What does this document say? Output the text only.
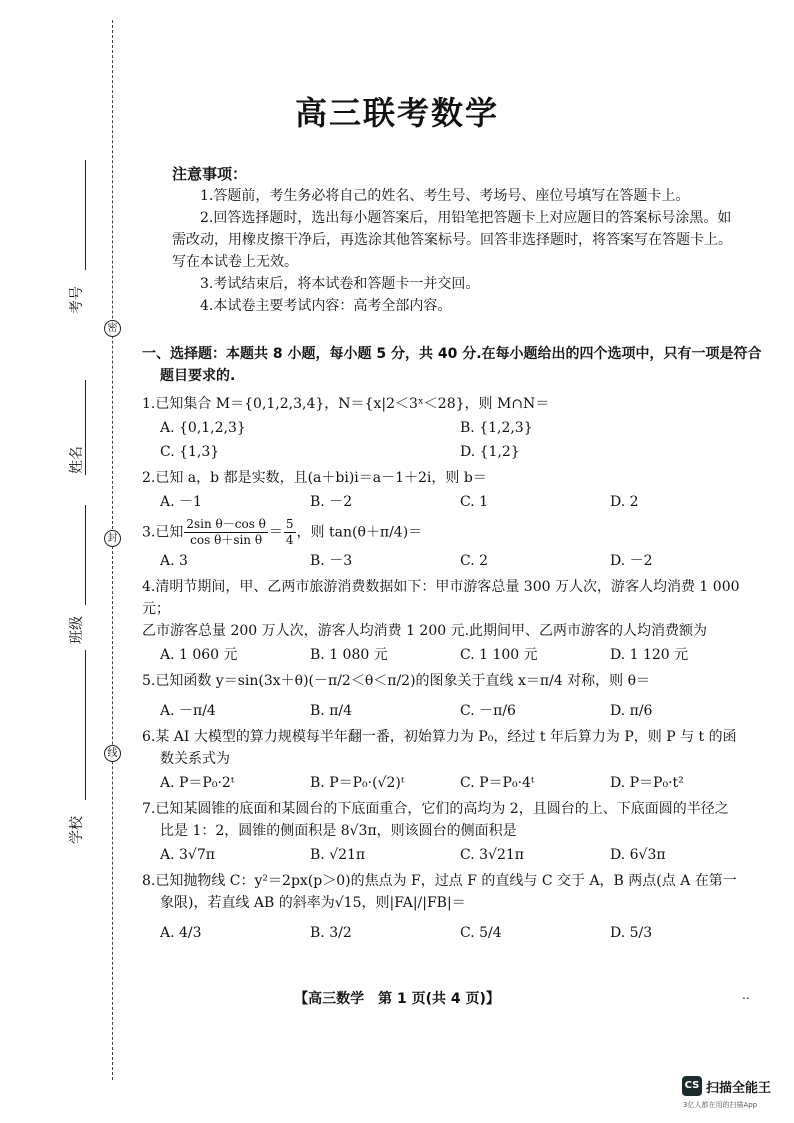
考号
姓名
班级
学校
密
封
线
高三联考数学
注意事项：

1.答题前，考生务必将自己的姓名、考生号、考场号、座位号填写在答题卡上。

2.回答选择题时，选出每小题答案后，用铅笔把答题卡上对应题目的答案标号涂黑。如需改动，用橡皮擦干净后，再选涂其他答案标号。回答非选择题时，将答案写在答题卡上。写在本试卷上无效。

3.考试结束后，将本试卷和答题卡一并交回。

4.本试卷主要考试内容：高考全部内容。

一、选择题：本题共 8 小题，每小题 5 分，共 40 分.在每小题给出的四个选项中，只有一项是符合
题目要求的.
1.已知集合 M＝{0,1,2,3,4}，N＝{x|2＜3ˣ＜28}，则 M∩N＝
A. {0,1,2,3}	B. {1,2,3}
C. {1,3}	D. {1,2}
2.已知 a，b 都是实数，且(a＋bi)i＝a－1＋2i，则 b＝
A. －1	B. －2	C. 1	D. 2
3.已知 $\frac{\text{2sin θ－cos θ}}{\text{cos θ＋sin θ}} = \frac{5}{4}$ ，则 tan(θ＋π/4)＝
A. 3	B. －3	C. 2	D. －2
4.清明节期间，甲、乙两市旅游消费数据如下：甲市游客总量 300 万人次，游客人均消费 1 000 元；
乙市游客总量 200 万人次，游客人均消费 1 200 元.此期间甲、乙两市游客的人均消费额为
A. 1 060 元	B. 1 080 元	C. 1 100 元	D. 1 120 元
5.已知函数 y＝sin(3x＋θ)(－π/2＜θ＜π/2)的图象关于直线 x＝π/4 对称，则 θ＝
A. －π/4	B. π/4	C. －π/6	D. π/6
6.某 AI 大模型的算力规模每半年翻一番，初始算力为 P₀，经过 t 年后算力为 P，则 P 与 t 的函
数关系式为
A. P＝P₀·2ᵗ	B. P＝P₀·(√2)ᵗ	C. P＝P₀·4ᵗ	D. P＝P₀·t²
7.已知某圆锥的底面和某圆台的下底面重合，它们的高均为 2，且圆台的上、下底面圆的半径之
比是 1：2，圆锥的侧面积是 8√3π，则该圆台的侧面积是
A. 3√7π	B. √21π	C. 3√21π	D. 6√3π
8.已知抛物线 C：y²＝2px(p＞0)的焦点为 F，过点 F 的直线与 C 交于 A，B 两点(点 A 在第一
象限)，若直线 AB 的斜率为√15，则|FA|/|FB|＝
A. 4/3	B. 3/2	C. 5/4	D. 5/3
【高三数学　第 1 页(共 4 页)】	..
CS 扫描全能王
3亿人都在用的扫描App
